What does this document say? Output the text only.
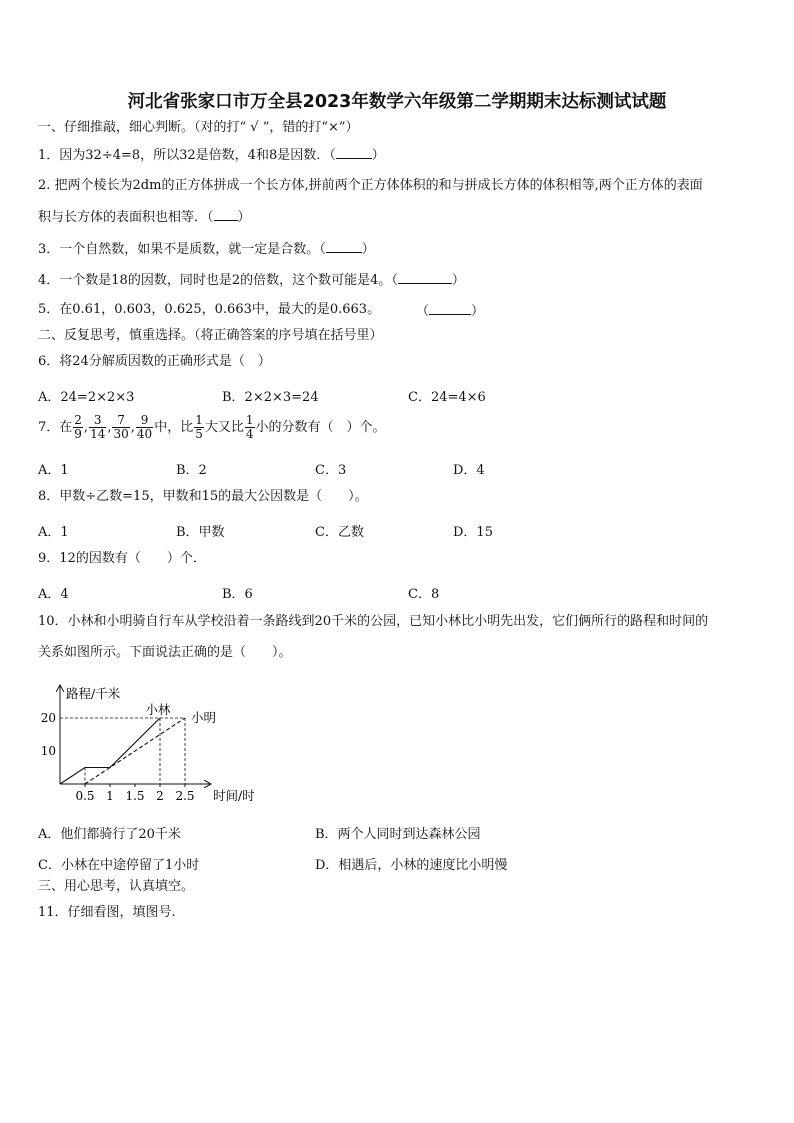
河北省张家口市万全县2023年数学六年级第二学期期末达标测试试题
一、仔细推敲，细心判断。（对的打“ √ ”，错的打“×”）
1．因为32÷4=8，所以32是倍数，4和8是因数．（	）
2. 把两个棱长为2dm的正方体拼成一个长方体,拼前两个正方体体积的和与拼成长方体的体积相等,两个正方体的表面
积与长方体的表面积也相等．（ ）
3．一个自然数，如果不是质数，就一定是合数。（	）
4．一个数是18的因数，同时也是2的倍数，这个数可能是4。（	）
5．在0.61，0.603，0.625，0.663中，最大的是0.663。	（	）
二、反复思考，慎重选择。（将正确答案的序号填在括号里）
6．将24分解质因数的正确形式是（　）
A．24=2×2×3	B．2×2×3=24	C．24=4×6
7．在 $\frac{2}{9}$ , $\frac{3}{14}$ , $\frac{7}{30}$ , $\frac{9}{40}$ 中，比 $\frac{1}{5}$ 大又比 $\frac{1}{4}$ 小的分数有（　）个。
A．1	B．2	C．3	D．4
8．甲数÷乙数=15，甲数和15的最大公因数是（　　）。
A．1	B．甲数	C．乙数	D．15
9．12的因数有（　　）个．
A．4	B．6	C．8
10．小林和小明骑自行车从学校沿着一条路线到20千米的公园，已知小林比小明先出发，它们俩所行的路程和时间的
关系如图所示。下面说法正确的是（　　）。
路程/千米
时间/时
0.5 1 1.5 2 2.5
10
20
小林
小明
A．他们都骑行了20千米	B．两个人同时到达森林公园
C．小林在中途停留了1小时	D．相遇后，小林的速度比小明慢
三、用心思考，认真填空。
11．仔细看图，填图号.
